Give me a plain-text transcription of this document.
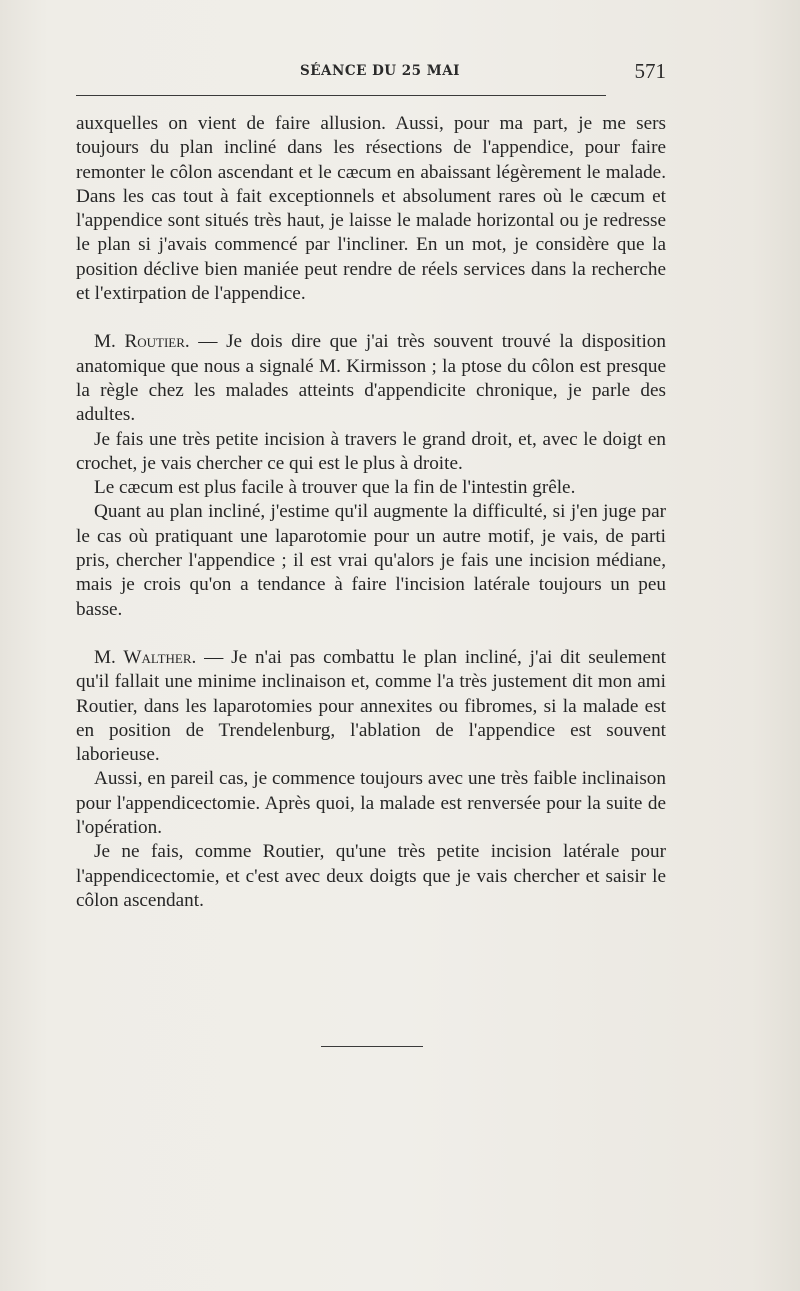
SÉANCE DU 25 MAI	571

auxquelles on vient de faire allusion. Aussi, pour ma part, je me sers toujours du plan incliné dans les résections de l'appendice, pour faire remonter le côlon ascendant et le cæcum en abaissant légèrement le malade. Dans les cas tout à fait exceptionnels et absolument rares où le cæcum et l'appendice sont situés très haut, je laisse le malade horizontal ou je redresse le plan si j'avais commencé par l'incliner. En un mot, je considère que la position déclive bien maniée peut rendre de réels services dans la recherche et l'extirpation de l'appendice.

M. Routier. — Je dois dire que j'ai très souvent trouvé la disposition anatomique que nous a signalé M. Kirmisson ; la ptose du côlon est presque la règle chez les malades atteints d'appendicite chronique, je parle des adultes.

Je fais une très petite incision à travers le grand droit, et, avec le doigt en crochet, je vais chercher ce qui est le plus à droite.

Le cæcum est plus facile à trouver que la fin de l'intestin grêle.

Quant au plan incliné, j'estime qu'il augmente la difficulté, si j'en juge par le cas où pratiquant une laparotomie pour un autre motif, je vais, de parti pris, chercher l'appendice ; il est vrai qu'alors je fais une incision médiane, mais je crois qu'on a tendance à faire l'incision latérale toujours un peu basse.

M. Walther. — Je n'ai pas combattu le plan incliné, j'ai dit seulement qu'il fallait une minime inclinaison et, comme l'a très justement dit mon ami Routier, dans les laparotomies pour annexites ou fibromes, si la malade est en position de Trendelenburg, l'ablation de l'appendice est souvent laborieuse.

Aussi, en pareil cas, je commence toujours avec une très faible inclinaison pour l'appendicectomie. Après quoi, la malade est renversée pour la suite de l'opération.

Je ne fais, comme Routier, qu'une très petite incision latérale pour l'appendicectomie, et c'est avec deux doigts que je vais chercher et saisir le côlon ascendant.
